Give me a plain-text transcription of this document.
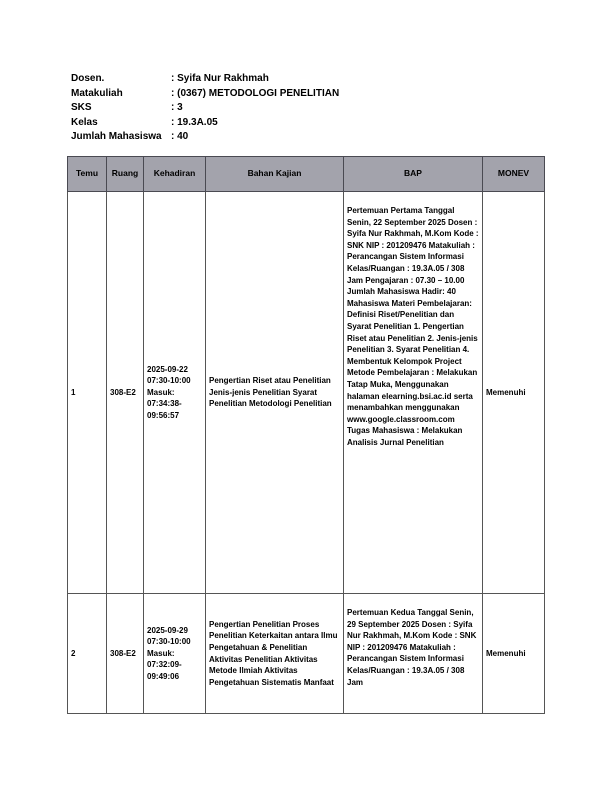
Dosen.	: Syifa Nur Rakhmah
Matakuliah	: (0367) METODOLOGI PENELITIAN
SKS	: 3
Kelas	: 19.3A.05
Jumlah Mahasiswa : 40
Temu	Ruang	Kehadiran	Bahan Kajian	BAP	MONEV
1	308-E2	2025-09-22 07:30-10:00 Masuk: 07:34:38-09:56:57	Pengertian Riset atau Penelitian Jenis-jenis Penelitian Syarat Penelitian Metodologi Penelitian	Pertemuan Pertama Tanggal Senin, 22 September 2025 Dosen : Syifa Nur Rakhmah, M.Kom Kode : SNK NIP : 201209476 Matakuliah : Perancangan Sistem Informasi Kelas/Ruangan : 19.3A.05 / 308 Jam Pengajaran : 07.30 – 10.00 Jumlah Mahasiswa Hadir: 40 Mahasiswa Materi Pembelajaran: Definisi Riset/Penelitian dan Syarat Penelitian 1. Pengertian Riset atau Penelitian 2. Jenis-jenis Penelitian 3. Syarat Penelitian 4. Membentuk Kelompok Project Metode Pembelajaran : Melakukan Tatap Muka, Menggunakan halaman elearning.bsi.ac.id serta menambahkan menggunakan www.google.classroom.com Tugas Mahasiswa : Melakukan Analisis Jurnal Penelitian	Memenuhi
2	308-E2	2025-09-29 07:30-10:00 Masuk: 07:32:09-09:49:06	Pengertian Penelitian Proses Penelitian Keterkaitan antara Ilmu Pengetahuan & Penelitian Aktivitas Penelitian Aktivitas Metode Ilmiah Aktivitas Pengetahuan Sistematis Manfaat	Pertemuan Kedua Tanggal Senin, 29 September 2025 Dosen : Syifa Nur Rakhmah, M.Kom Kode : SNK NIP : 201209476 Matakuliah : Perancangan Sistem Informasi Kelas/Ruangan : 19.3A.05 / 308 Jam	Memenuhi
